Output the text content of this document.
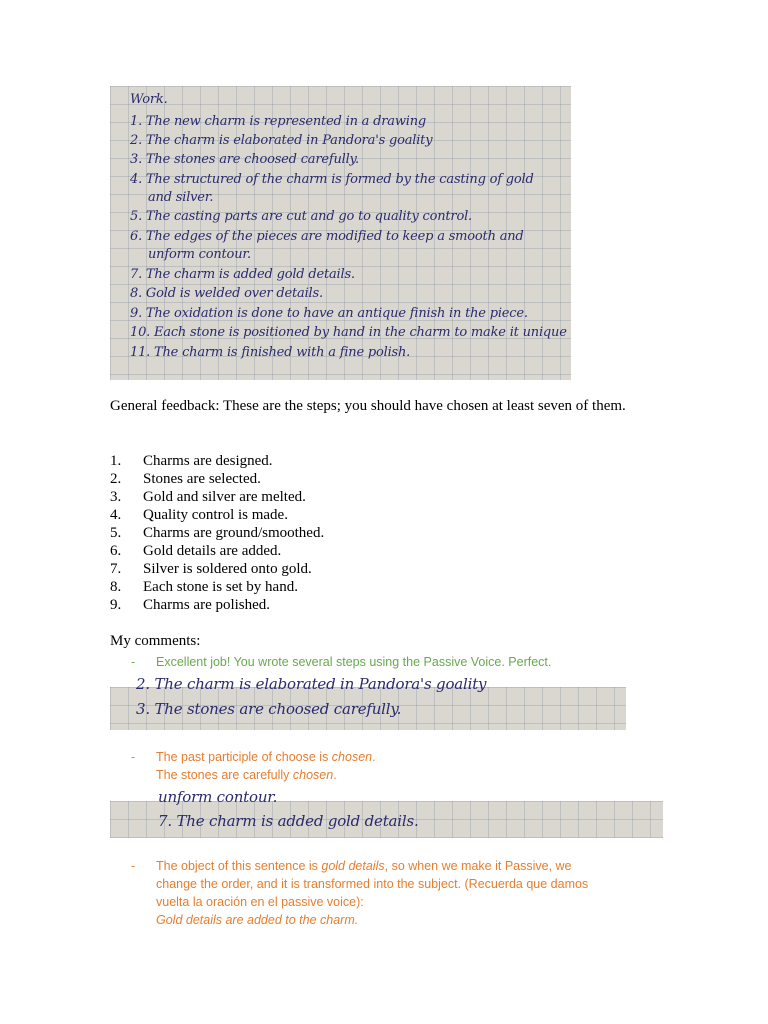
Work.
1. The new charm is represented in a drawing
2. The charm is elaborated in Pandora's goality
3. The stones are choosed carefully.
4. The structured of the charm is formed by the casting of gold
and silver.
5. The casting parts are cut and go to quality control.
6. The edges of the pieces are modified to keep a smooth and
unform contour.
7. The charm is added gold details.
8. Gold is welded over details.
9. The oxidation is done to have an antique finish in the piece.
10. Each stone is positioned by hand in the charm to make it unique
11. The charm is finished with a fine polish.
General feedback: These are the steps; you should have chosen at least seven of them.
1. Charms are designed.
2. Stones are selected.
3. Gold and silver are melted.
4. Quality control is made.
5. Charms are ground/smoothed.
6. Gold details are added.
7. Silver is soldered onto gold.
8. Each stone is set by hand.
9. Charms are polished.
My comments:
- Excellent job! You wrote several steps using the Passive Voice. Perfect.
2. The charm is elaborated in Pandora's goality
3. The stones are choosed carefully.
- The past participle of choose is chosen.
The stones are carefully chosen.
unform contour.
7. The charm is added gold details.
- The object of this sentence is gold details, so when we make it Passive, we
change the order, and it is transformed into the subject. (Recuerda que damos
vuelta la oración en el passive voice):
Gold details are added to the charm.
